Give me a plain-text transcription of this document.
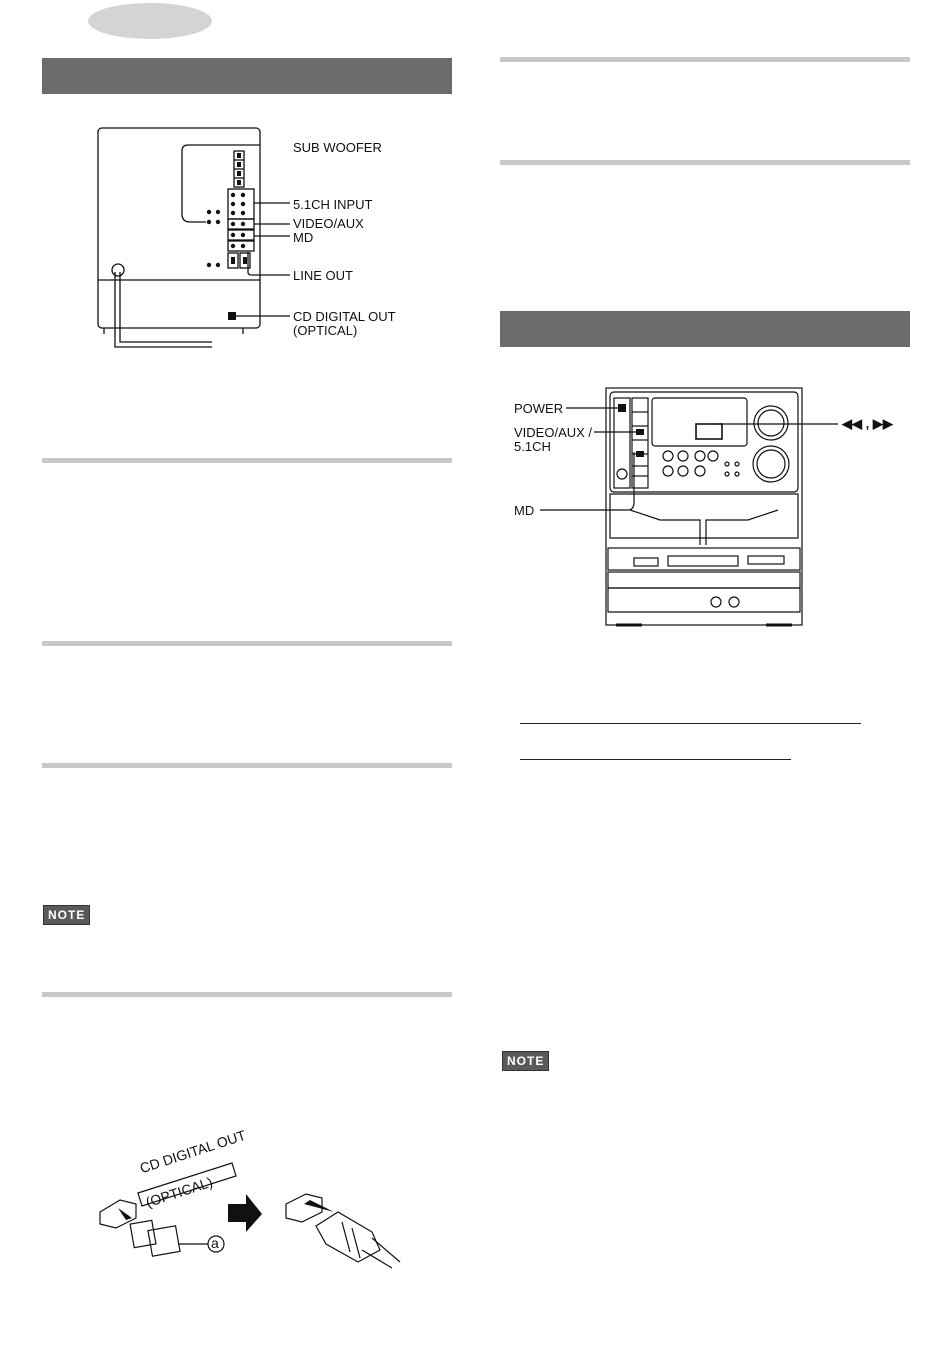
NOTE
NOTE
SUB WOOFER
5.1CH INPUT
VIDEO/AUX
MD
LINE OUT
CD DIGITAL OUT
(OPTICAL)
POWER
VIDEO/AUX /
5.1CH
MD
◀◀ , ▶▶
CD DIGITAL OUT
(OPTICAL)
a
